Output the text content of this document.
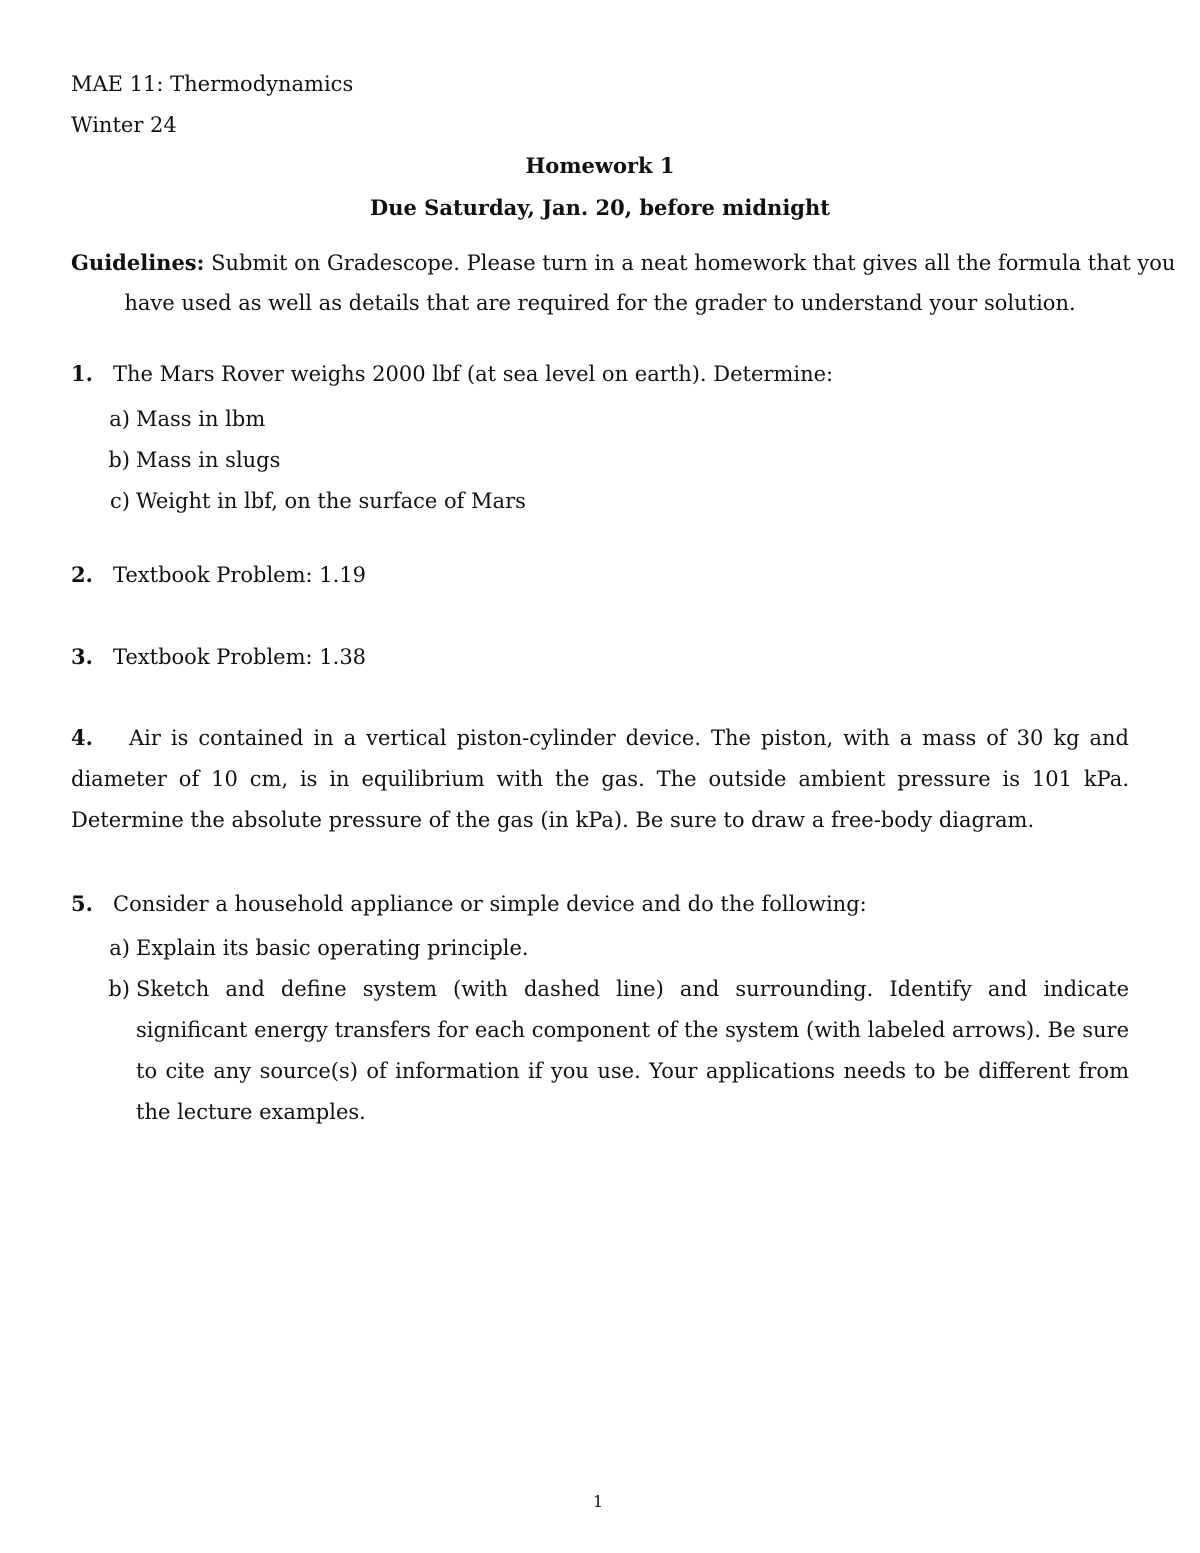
MAE 11: Thermodynamics
Winter 24
Homework 1
Due Saturday, Jan. 20, before midnight
Guidelines: Submit on Gradescope. Please turn in a neat homework that gives all the formula that you
have used as well as details that are required for the grader to understand your solution.
1. The Mars Rover weighs 2000 lbf (at sea level on earth). Determine:
a) Mass in lbm
b) Mass in slugs
c) Weight in lbf, on the surface of Mars
2. Textbook Problem: 1.19
3. Textbook Problem: 1.38
4. Air is contained in a vertical piston-cylinder device. The piston, with a mass of 30 kg and diameter of 10 cm, is in equilibrium with the gas. The outside ambient pressure is 101 kPa. Determine the absolute pressure of the gas (in kPa). Be sure to draw a free-body diagram.
5. Consider a household appliance or simple device and do the following:
a) Explain its basic operating principle.
b) Sketch and define system (with dashed line) and surrounding. Identify and indicate significant energy transfers for each component of the system (with labeled arrows). Be sure to cite any source(s) of information if you use. Your applications needs to be different from the lecture examples.
1
